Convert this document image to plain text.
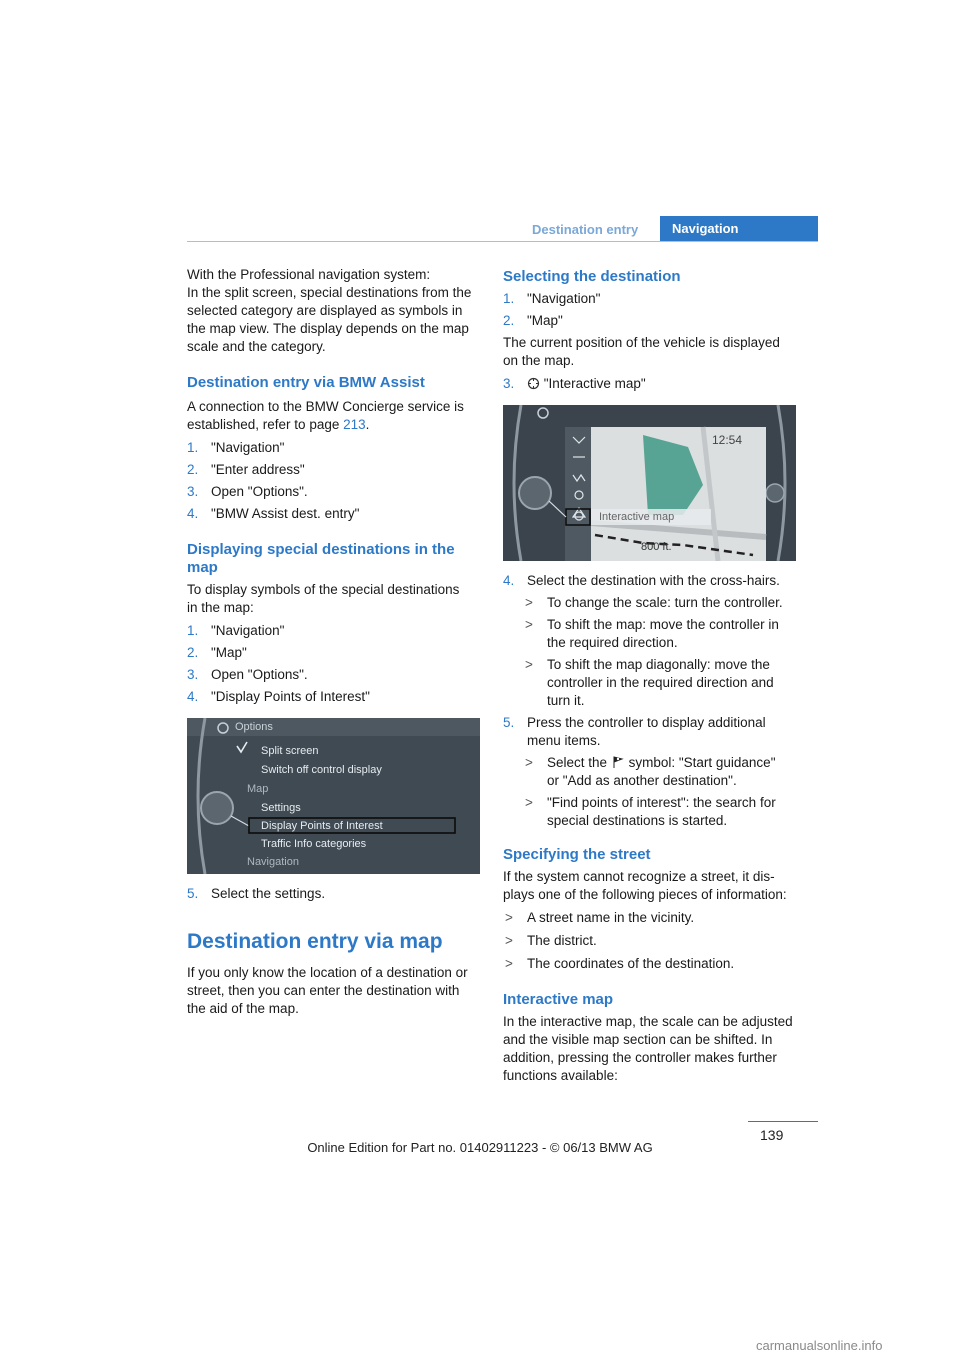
Destination entry	Navigation

With the Professional navigation system:

In the split screen, special destinations from the

selected category are displayed as symbols in

the map view. The display depends on the map

scale and the category.

Destination entry via BMW Assist

A connection to the BMW Concierge service is

established, refer to page 213.

1. "Navigation"
2. "Enter address"
3. Open "Options".
4. "BMW Assist dest. entry"

Displaying special destinations in the

map

To display symbols of the special destinations

in the map:

1. "Navigation"
2. "Map"
3. Open "Options".
4. "Display Points of Interest"
Options
Split screen
Switch off control display
Map
Settings
Display Points of Interest
Traffic Info categories
Navigation
5. Select the settings.

Destination entry via map

If you only know the location of a destination or

street, then you can enter the destination with

the aid of the map.

Selecting the destination

1. "Navigation"
2. "Map"

The current position of the vehicle is displayed

on the map.

3. "Interactive map"
12:54
Interactive map
800 ft.
4. Select the destination with the cross-hairs.
> To change the scale: turn the controller.
> To shift the map: move the controller in
the required direction.
> To shift the map diagonally: move the
controller in the required direction and
turn it.
5. Press the controller to display additional
menu items.
> Select the symbol: "Start guidance"
or "Add as another destination".
> "Find points of interest": the search for
special destinations is started.

Specifying the street

If the system cannot recognize a street, it dis-

plays one of the following pieces of information:

> A street name in the vicinity.
> The district.
> The coordinates of the destination.

Interactive map

In the interactive map, the scale can be adjusted

and the visible map section can be shifted. In

addition, pressing the controller makes further

functions available:

139
Online Edition for Part no. 01402911223 - © 06/13 BMW AG
carmanualsonline.info
